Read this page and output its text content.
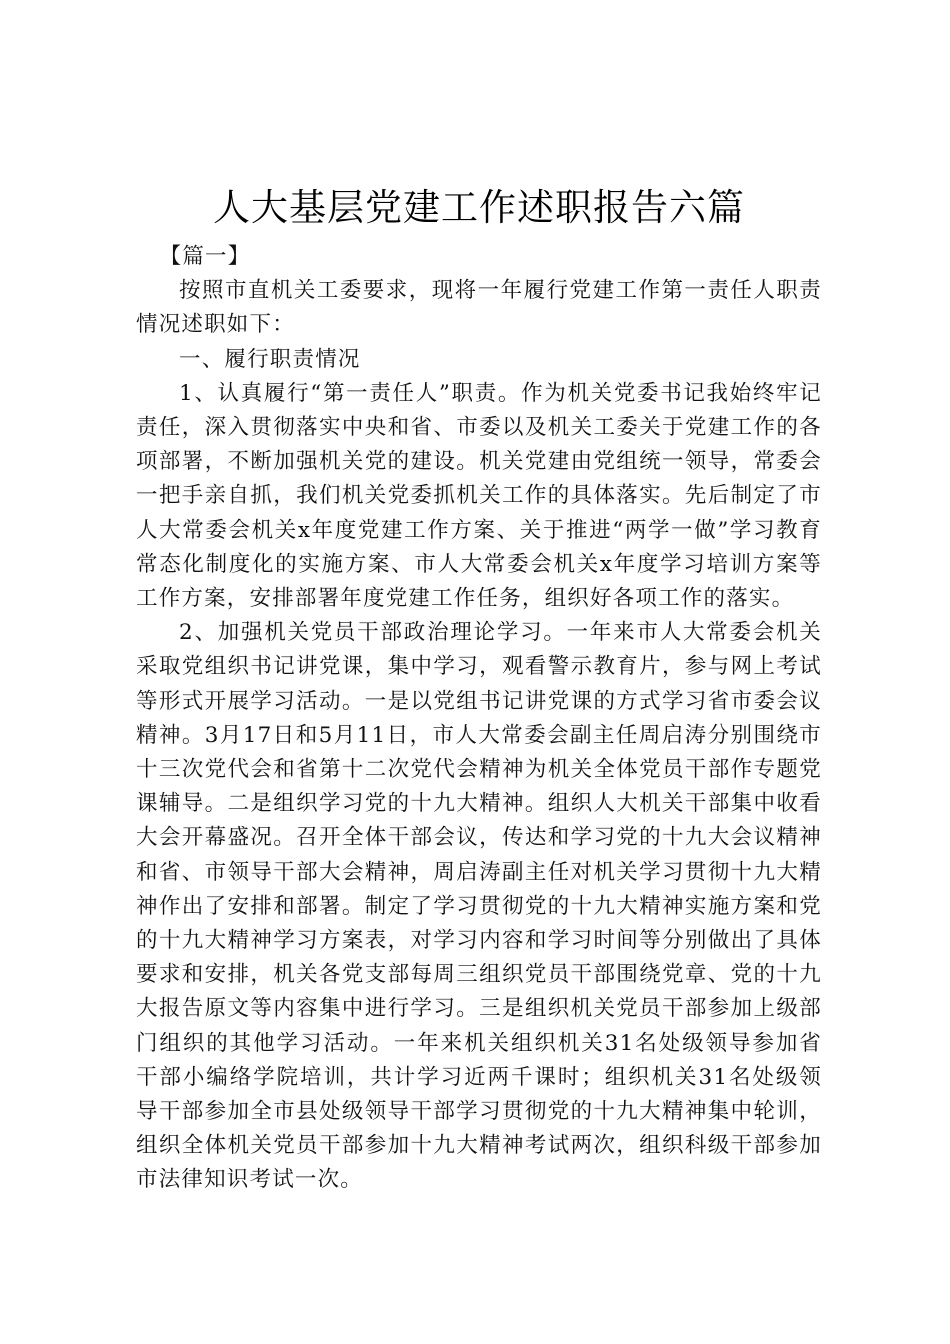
人大基层党建工作述职报告六篇

【篇一】

按照市直机关工委要求，现将一年履行党建工作第一责任人职责情况述职如下：

一、履行职责情况

1、认真履行“第一责任人”职责。作为机关党委书记我始终牢记责任，深入贯彻落实中央和省、市委以及机关工委关于党建工作的各项部署，不断加强机关党的建设。机关党建由党组统一领导，常委会一把手亲自抓，我们机关党委抓机关工作的具体落实。先后制定了市人大常委会机关x年度党建工作方案、关于推进“两学一做”学习教育常态化制度化的实施方案、市人大常委会机关x年度学习培训方案等工作方案，安排部署年度党建工作任务，组织好各项工作的落实。

2、加强机关党员干部政治理论学习。一年来市人大常委会机关采取党组织书记讲党课，集中学习，观看警示教育片，参与网上考试等形式开展学习活动。一是以党组书记讲党课的方式学习省市委会议精神。3月17日和5月11日，市人大常委会副主任周启涛分别围绕市十三次党代会和省第十二次党代会精神为机关全体党员干部作专题党课辅导。二是组织学习党的十九大精神。组织人大机关干部集中收看大会开幕盛况。召开全体干部会议，传达和学习党的十九大会议精神和省、市领导干部大会精神，周启涛副主任对机关学习贯彻十九大精神作出了安排和部署。制定了学习贯彻党的十九大精神实施方案和党的十九大精神学习方案表，对学习内容和学习时间等分别做出了具体要求和安排，机关各党支部每周三组织党员干部围绕党章、党的十九大报告原文等内容集中进行学习。三是组织机关党员干部参加上级部门组织的其他学习活动。一年来机关组织机关31名处级领导参加省干部小编络学院培训，共计学习近两千课时；组织机关31名处级领导干部参加全市县处级领导干部学习贯彻党的十九大精神集中轮训，组织全体机关党员干部参加十九大精神考试两次，组织科级干部参加市法律知识考试一次。
